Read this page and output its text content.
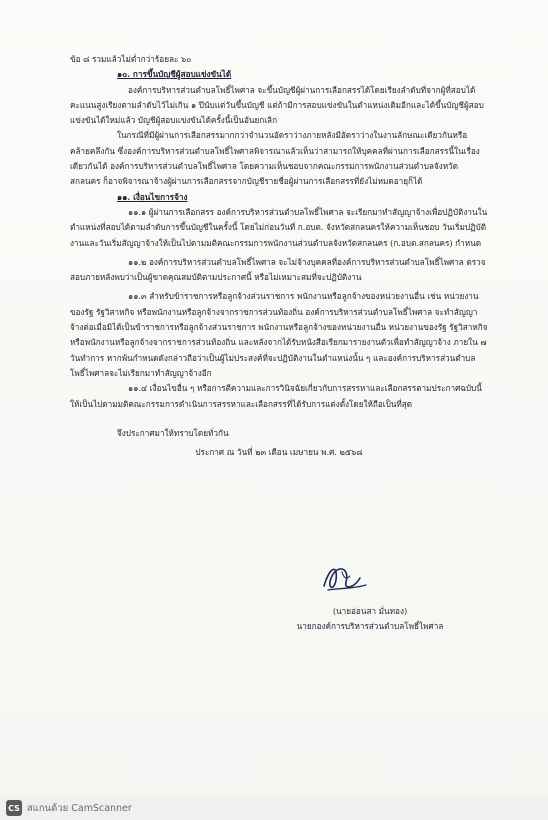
ข้อ ๘ รวมแล้วไม่ต่ำกว่าร้อยละ ๖๐

๑๐. การขึ้นบัญชีผู้สอบแข่งขันได้

องค์การบริหารส่วนตำบลโพธิ์ไพศาล จะขึ้นบัญชีผู้ผ่านการเลือกสรรได้โดยเรียงลำดับที่จากผู้ที่สอบได้คะแนนสูงเรียงตามลำดับไว้ไม่เกิน ๑ ปีนับแต่วันขึ้นบัญชี แต่ถ้ามีการสอบแข่งขันในตำแหน่งเดิมอีกและได้ขึ้นบัญชีผู้สอบแข่งขันได้ใหม่แล้ว บัญชีผู้สอบแข่งขันได้ครั้งนี้เป็นอันยกเลิก

ในกรณีที่มีผู้ผ่านการเลือกสรรมากกว่าจำนวนอัตราว่างภายหลังมีอัตราว่างในงานลักษณะเดียวกันหรือคล้ายคลึงกัน ซึ่งองค์การบริหารส่วนตำบลโพธิ์ไพศาลพิจารณาแล้วเห็นว่าสามารถให้บุคคลที่ผ่านการเลือกสรรนี้ในเรื่องเดียวกันได้ องค์การบริหารส่วนตำบลโพธิ์ไพศาล โดยความเห็นชอบจากคณะกรรมการพนักงานส่วนตำบลจังหวัดสกลนคร ก็อาจพิจารณาจ้างผู้ผ่านการเลือกสรรจากบัญชีรายชื่อผู้ผ่านการเลือกสรรที่ยังไม่หมดอายุก็ได้

๑๑. เงื่อนไขการจ้าง

๑๑.๑ ผู้ผ่านการเลือกสรร องค์การบริหารส่วนตำบลโพธิ์ไพศาล จะเรียกมาทำสัญญาจ้างเพื่อปฏิบัติงานในตำแหน่งที่สอบได้ตามลำดับการขึ้นบัญชีในครั้งนี้ โดยไม่ก่อนวันที่ ก.อบต. จังหวัดสกลนครให้ความเห็นชอบ วันเริ่มปฏิบัติงานและวันเริ่มสัญญาจ้างให้เป็นไปตามมติคณะกรรมการพนักงานส่วนตำบลจังหวัดสกลนคร (ก.อบต.สกลนคร) กำหนด

๑๑.๒ องค์การบริหารส่วนตำบลโพธิ์ไพศาล จะไม่จ้างบุคคลที่องค์การบริหารส่วนตำบลโพธิ์ไพศาล ตรวจสอบภายหลังพบว่าเป็นผู้ขาดคุณสมบัติตามประกาศนี้ หรือไม่เหมาะสมที่จะปฏิบัติงาน

๑๑.๓ สำหรับข้าราชการหรือลูกจ้างส่วนราชการ พนักงานหรือลูกจ้างของหน่วยงานอื่น เช่น หน่วยงานของรัฐ รัฐวิสาหกิจ หรือพนักงานหรือลูกจ้างจากราชการส่วนท้องถิ่น องค์การบริหารส่วนตำบลโพธิ์ไพศาล จะทำสัญญาจ้างต่อเมื่อมิได้เป็นข้าราชการหรือลูกจ้างส่วนราชการ พนักงานหรือลูกจ้างของหน่วยงานอื่น หน่วยงานของรัฐ รัฐวิสาหกิจ หรือพนักงานหรือลูกจ้างจากราชการส่วนท้องถิ่น และหลังจากได้รับหนังสือเรียกมารายงานตัวเพื่อทำสัญญาจ้าง ภายใน ๗ วันทำการ หากพ้นกำหนดดังกล่าวถือว่าเป็นผู้ไม่ประสงค์ที่จะปฏิบัติงานในตำแหน่งนั้น ๆ และองค์การบริหารส่วนตำบลโพธิ์ไพศาลจะไม่เรียกมาทำสัญญาจ้างอีก

๑๑.๔ เงื่อนไขอื่น ๆ หรือการตีความและการวินิจฉัยเกี่ยวกับการสรรหาและเลือกสรรตามประกาศฉบับนี้ ให้เป็นไปตามมติคณะกรรมการดำเนินการสรรหาและเลือกสรรที่ได้รับการแต่งตั้งโดยให้ถือเป็นที่สุด

จึงประกาศมาให้ทราบโดยทั่วกัน

ประกาศ ณ วันที่ ๒๓ เดือน เมษายน พ.ศ. ๒๕๖๘

(นายอ่อนสา มั่นทอง)

นายกองค์การบริหารส่วนตำบลโพธิ์ไพศาล

CS สแกนด้วย CamScanner
